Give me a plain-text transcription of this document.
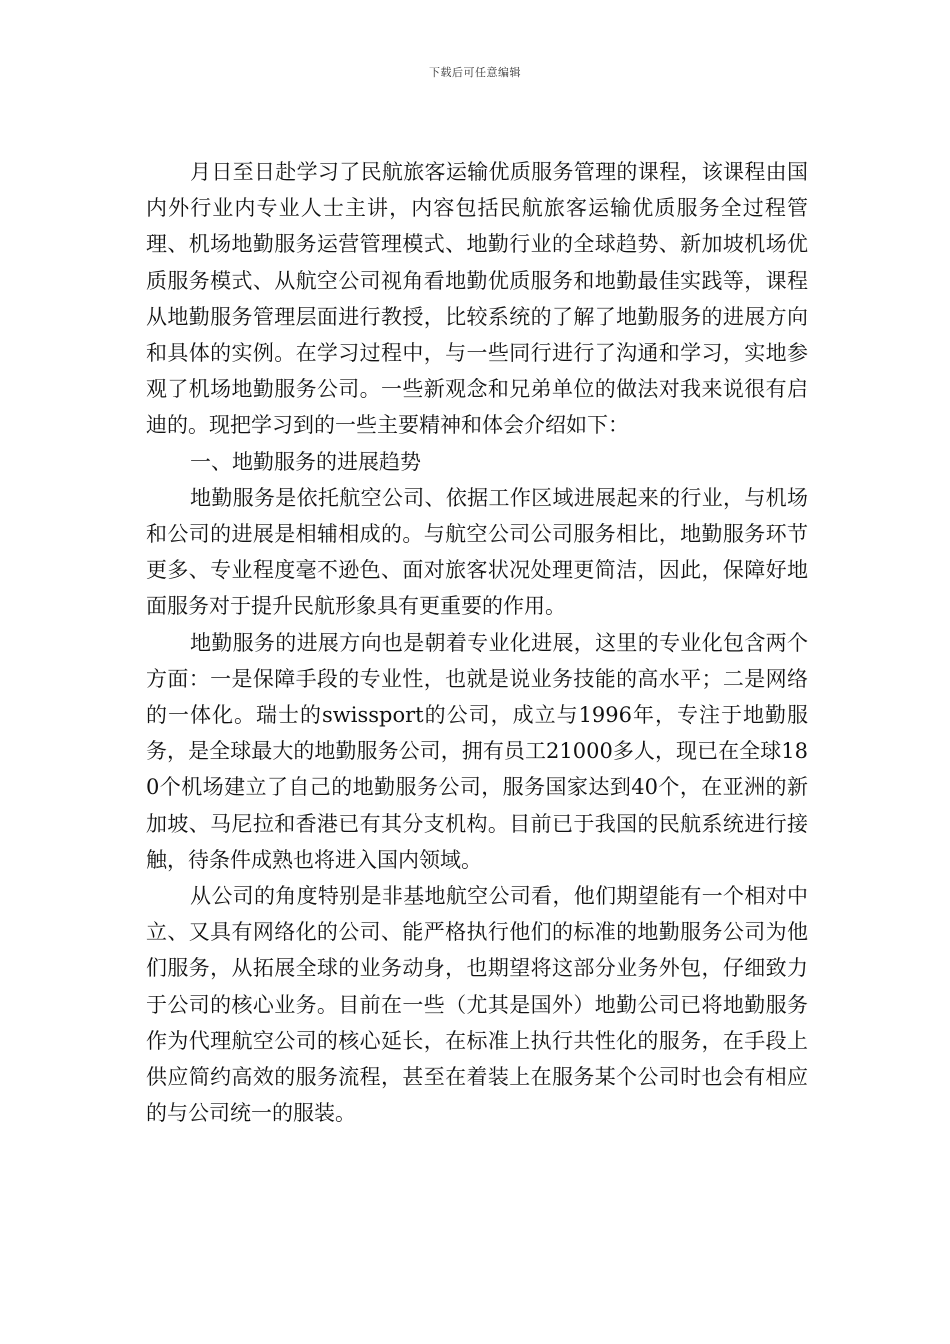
下载后可任意编辑

月日至日赴学习了民航旅客运输优质服务管理的课程，该课程由国内外行业内专业人士主讲，内容包括民航旅客运输优质服务全过程管理、机场地勤服务运营管理模式、地勤行业的全球趋势、新加坡机场优质服务模式、从航空公司视角看地勤优质服务和地勤最佳实践等，课程从地勤服务管理层面进行教授，比较系统的了解了地勤服务的进展方向和具体的实例。在学习过程中，与一些同行进行了沟通和学习，实地参观了机场地勤服务公司。一些新观念和兄弟单位的做法对我来说很有启迪的。现把学习到的一些主要精神和体会介绍如下：

一、地勤服务的进展趋势

地勤服务是依托航空公司、依据工作区域进展起来的行业，与机场和公司的进展是相辅相成的。与航空公司公司服务相比，地勤服务环节更多、专业程度毫不逊色、面对旅客状况处理更简洁，因此，保障好地面服务对于提升民航形象具有更重要的作用。

地勤服务的进展方向也是朝着专业化进展，这里的专业化包含两个方面：一是保障手段的专业性，也就是说业务技能的高水平；二是网络的一体化。瑞士的swissport的公司，成立与1996年，专注于地勤服务，是全球最大的地勤服务公司，拥有员工21000多人，现已在全球180个机场建立了自己的地勤服务公司，服务国家达到40个，在亚洲的新加坡、马尼拉和香港已有其分支机构。目前已于我国的民航系统进行接触，待条件成熟也将进入国内领域。

从公司的角度特别是非基地航空公司看，他们期望能有一个相对中立、又具有网络化的公司、能严格执行他们的标准的地勤服务公司为他们服务，从拓展全球的业务动身，也期望将这部分业务外包，仔细致力于公司的核心业务。目前在一些（尤其是国外）地勤公司已将地勤服务作为代理航空公司的核心延长，在标准上执行共性化的服务，在手段上供应简约高效的服务流程，甚至在着装上在服务某个公司时也会有相应的与公司统一的服装。
